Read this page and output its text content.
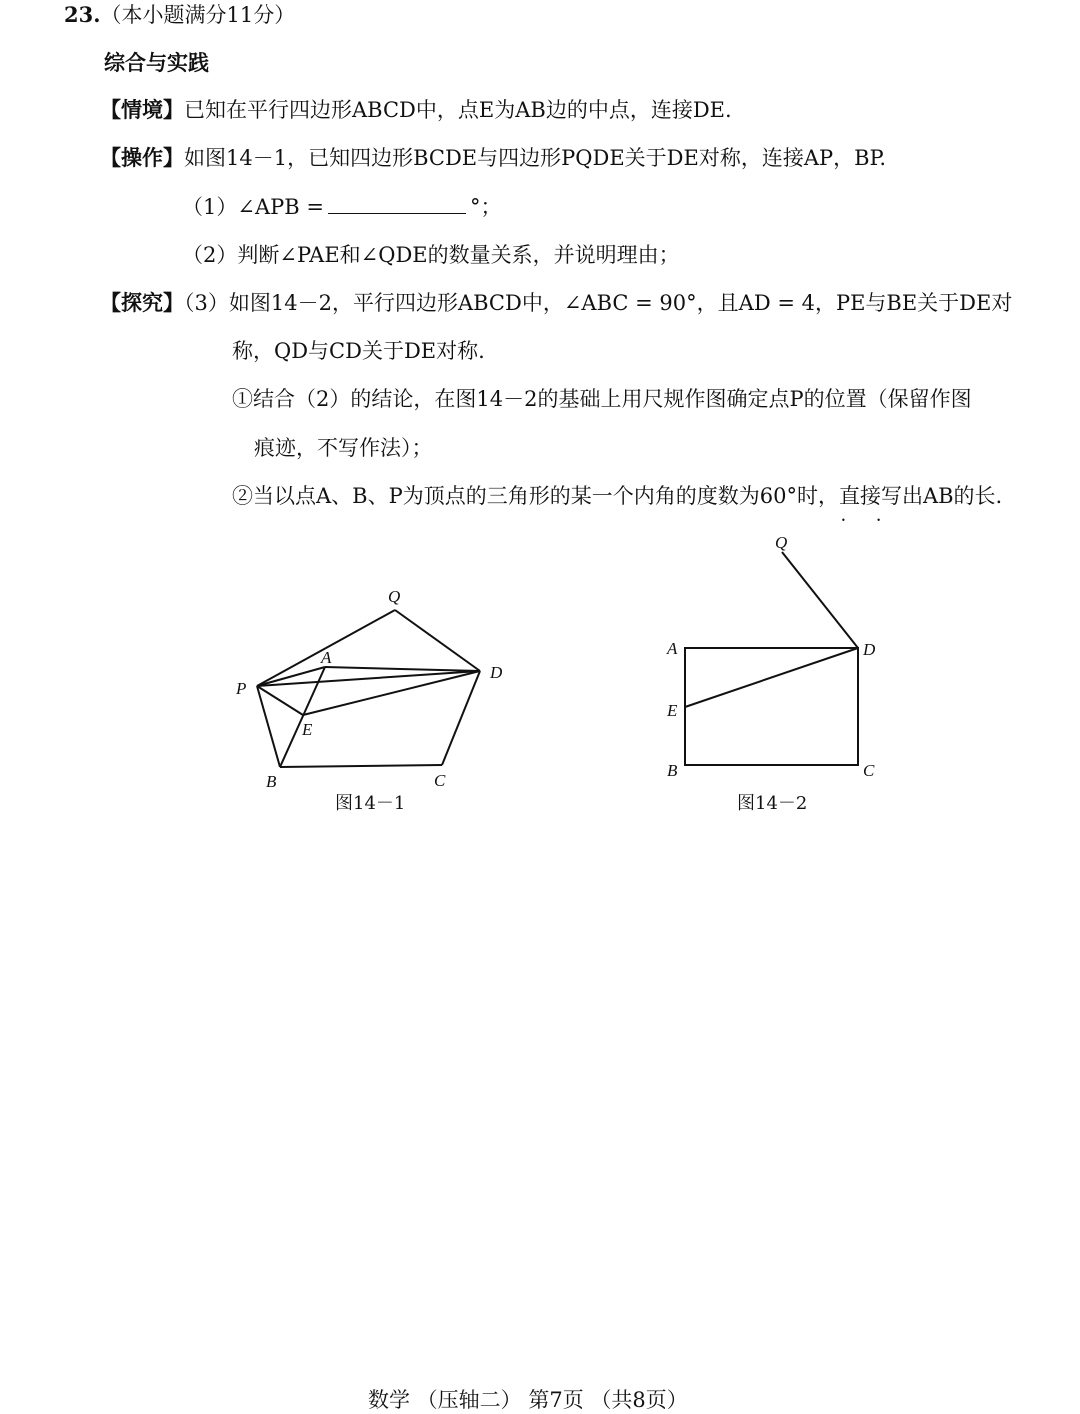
23.（本小题满分11分）
综合与实践
【情境】已知在平行四边形ABCD中，点E为AB边的中点，连接DE.
【操作】如图14－1，已知四边形BCDE与四边形PQDE关于DE对称，连接AP，BP.
（1）∠APB =	°；
（2）判断∠PAE和∠QDE的数量关系，并说明理由；
【探究】（3）如图14－2，平行四边形ABCD中，∠ABC = 90°，且AD = 4，PE与BE关于DE对
称，QD与CD关于DE对称.
①结合（2）的结论，在图14－2的基础上用尺规作图确定点P的位置（保留作图
痕迹，不写作法）；
②当以点A、B、P为顶点的三角形的某一个内角的度数为60°时，直接 • •写出AB的长.
P
Q
A
D
E
B	C
图14－1
Q
A	D
E
B	C
图14－2
数学 （压轴二） 第7页 （共8页）
